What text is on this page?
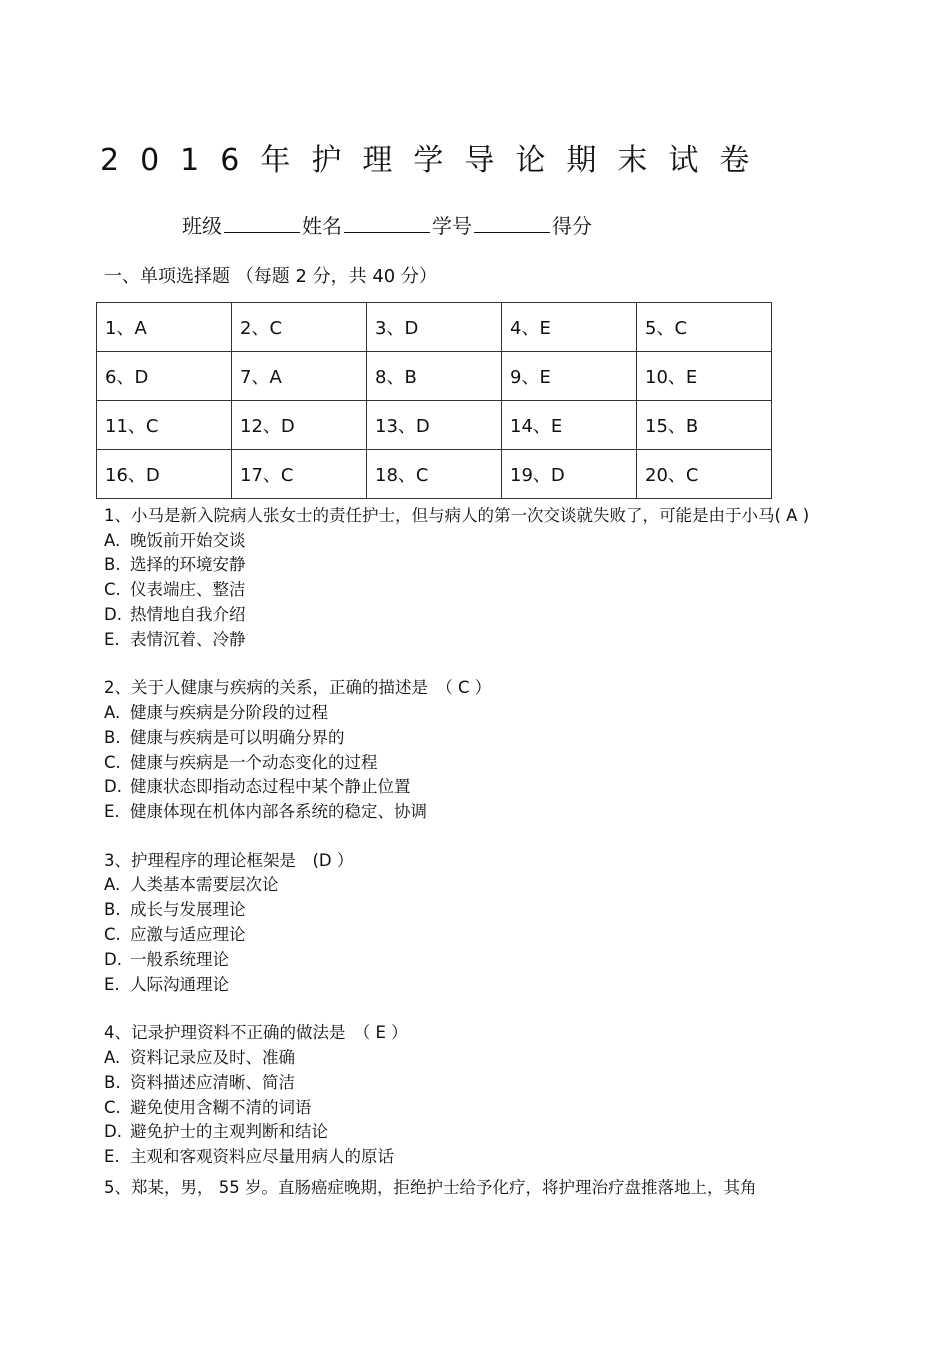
2016年护理学导论期末试卷
班级	姓名	学号	得分
一、单项选择题 （每题 2 分，共 40 分）
1、A	2、C	3、D	4、E	5、C
6、D	7、A	8、B	9、E	10、E
11、C	12、D	13、D	14、E	15、B
16、D	17、C	18、C	19、D	20、C
1、小马是新入院病人张女士的责任护士，但与病人的第一次交谈就失败了，可能是由于小马( A )
A. 晚饭前开始交谈
B. 选择的环境安静
C. 仪表端庄、整洁
D. 热情地自我介绍
E. 表情沉着、冷静
2、关于人健康与疾病的关系，正确的描述是　（ C ）
A. 健康与疾病是分阶段的过程
B. 健康与疾病是可以明确分界的
C. 健康与疾病是一个动态变化的过程
D. 健康状态即指动态过程中某个静止位置
E. 健康体现在机体内部各系统的稳定、协调
3、护理程序的理论框架是　(D ）
A. 人类基本需要层次论
B. 成长与发展理论
C. 应激与适应理论
D. 一般系统理论
E. 人际沟通理论
4、记录护理资料不正确的做法是　（ E ）
A. 资料记录应及时、准确
B. 资料描述应清晰、简洁
C. 避免使用含糊不清的词语
D. 避免护士的主观判断和结论
E. 主观和客观资料应尽量用病人的原话
5、郑某，男， 55 岁。直肠癌症晚期，拒绝护士给予化疗，将护理治疗盘推落地上，其角
